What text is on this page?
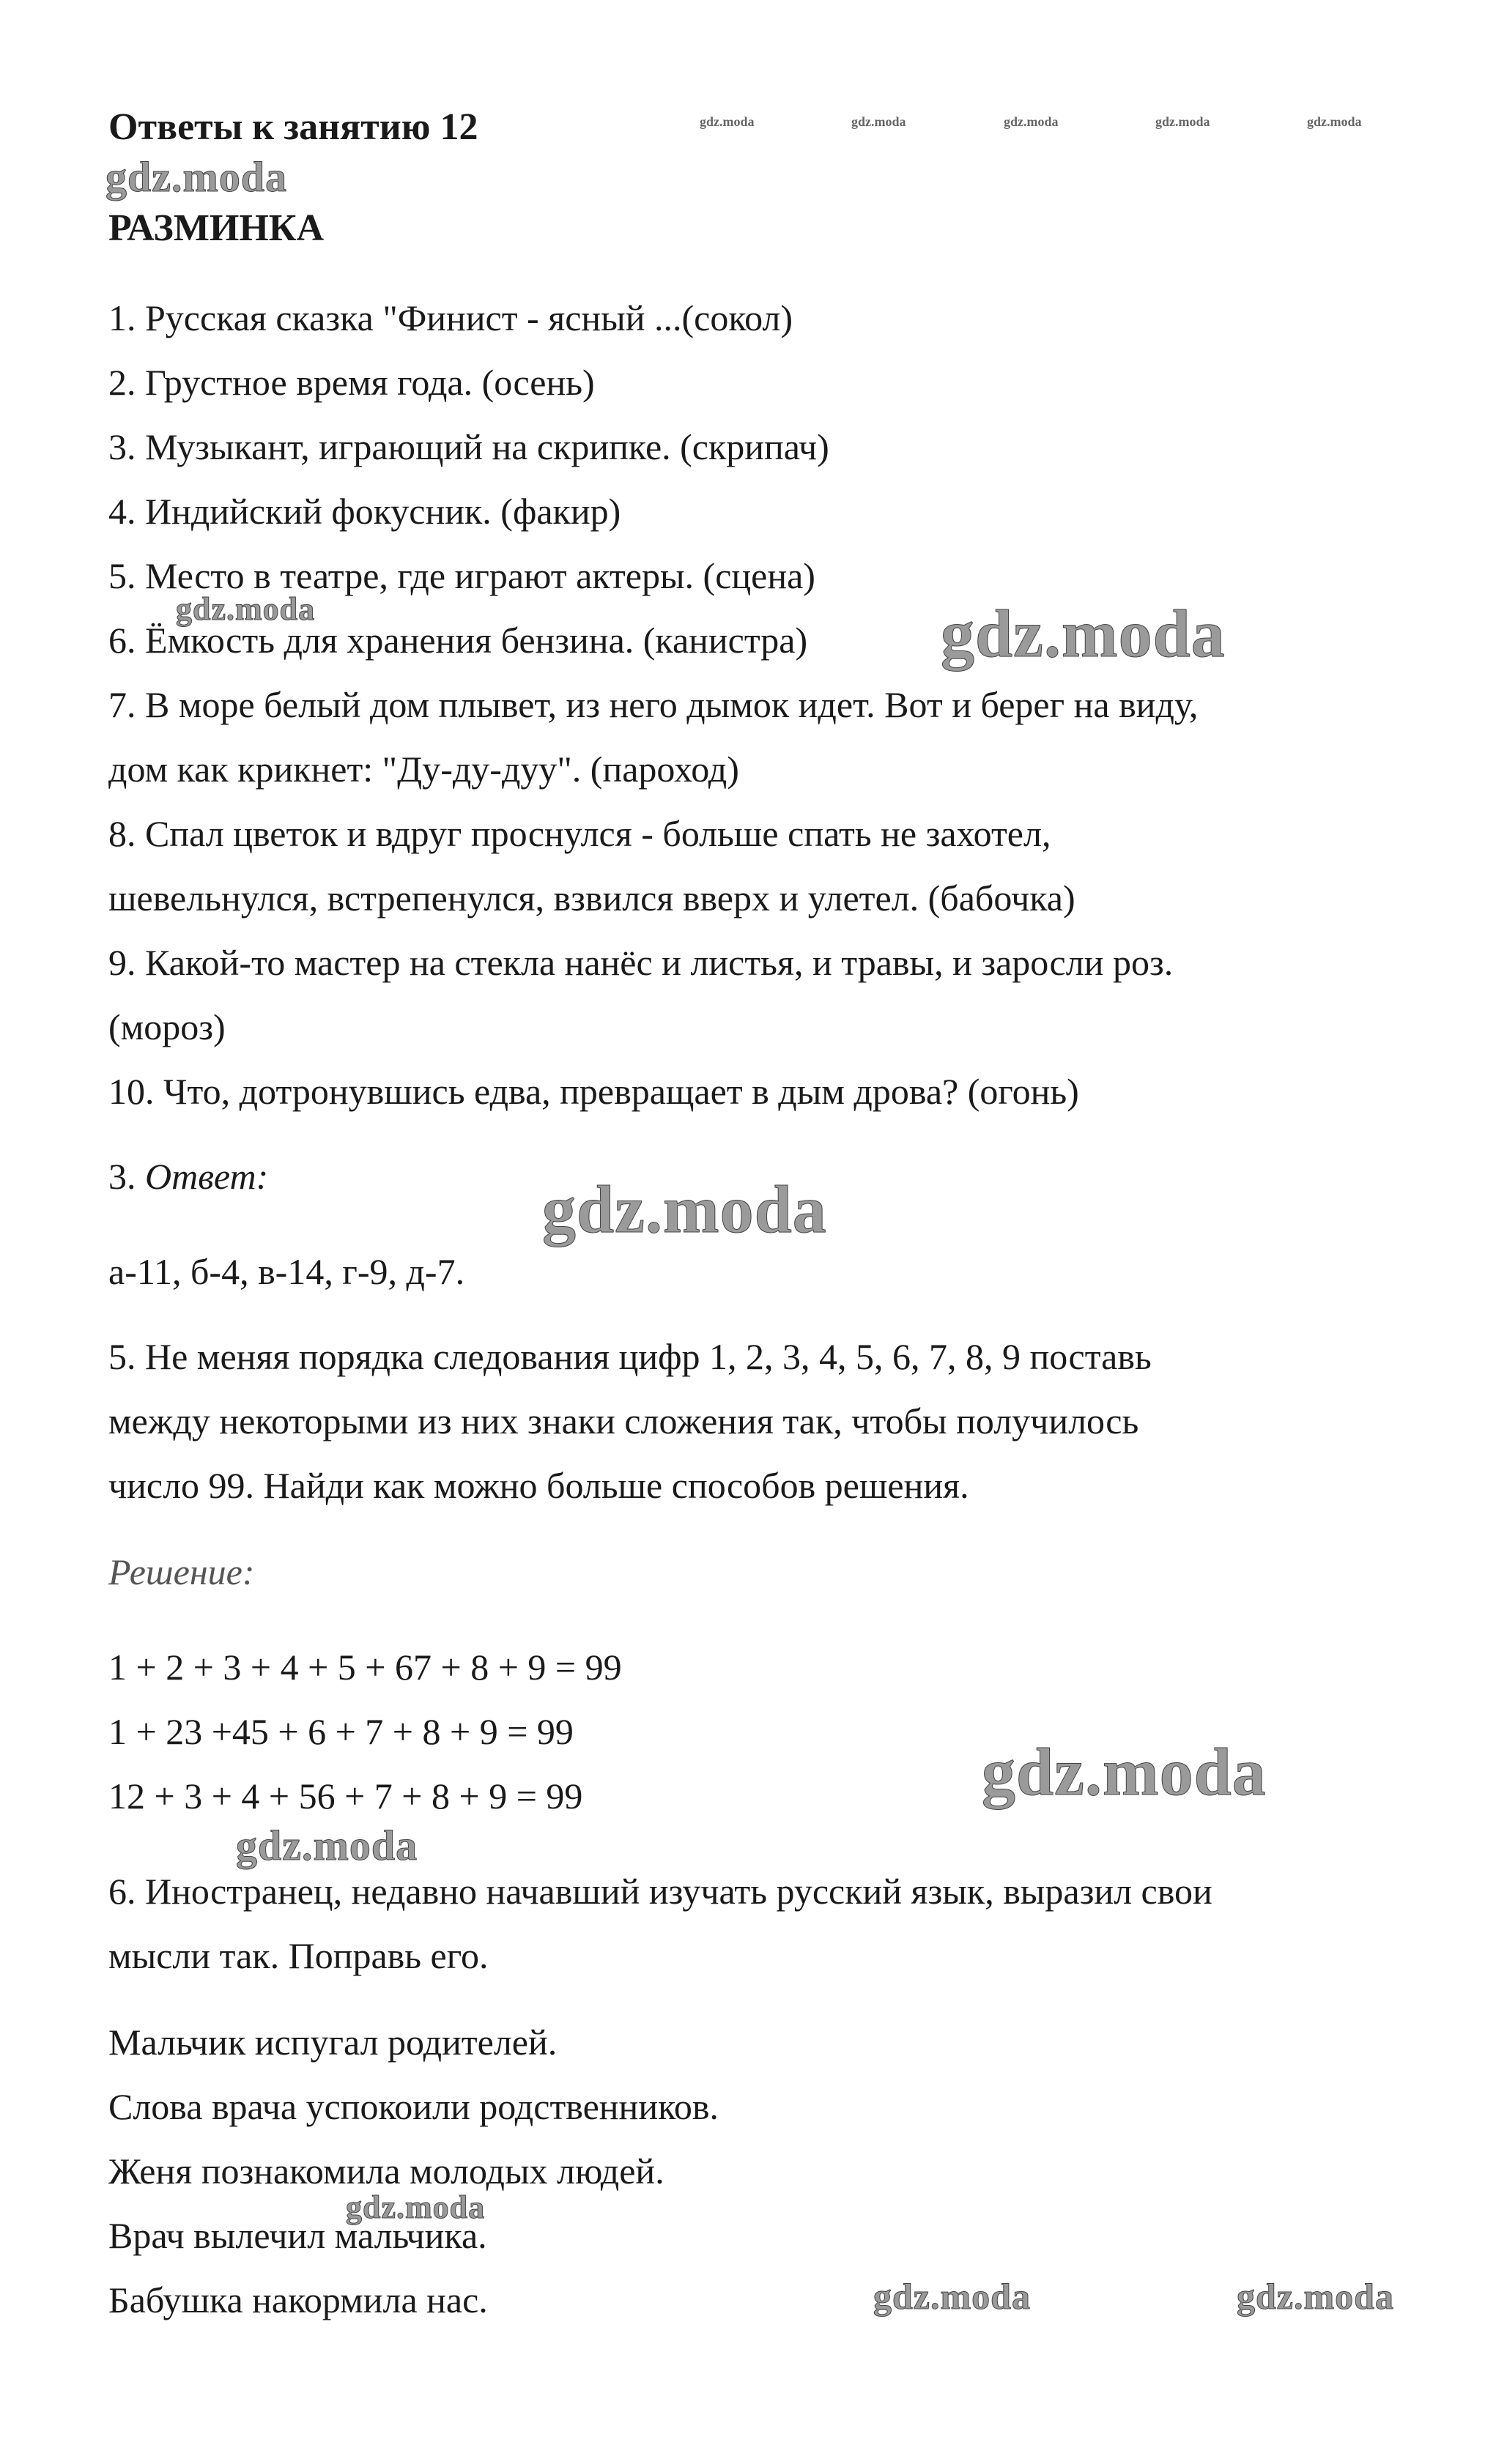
gdz.moda	gdz.moda	gdz.moda	gdz.moda	gdz.moda
gdz.moda
gdz.moda	gdz.moda
gdz.moda
gdz.moda
gdz.moda
gdz.moda
gdz.moda	gdz.moda
Ответы к занятию 12
РАЗМИНКА
1. Русская сказка "Финист - ясный ...(сокол)
2. Грустное время года. (осень)
3. Музыкант, играющий на скрипке. (скрипач)
4. Индийский фокусник. (факир)
5. Место в театре, где играют актеры. (сцена)
6. Ёмкость для хранения бензина. (канистра)
7. В море белый дом плывет, из него дымок идет. Вот и берег на виду,
дом как крикнет: "Ду-ду-дуу". (пароход)
8. Спал цветок и вдруг проснулся - больше спать не захотел,
шевельнулся, встрепенулся, взвился вверх и улетел. (бабочка)
9. Какой-то мастер на стекла нанёс и листья, и травы, и заросли роз.
(мороз)
10. Что, дотронувшись едва, превращает в дым дрова? (огонь)
3. Ответ:
а-11, б-4, в-14, г-9, д-7.
5. Не меняя порядка следования цифр 1, 2, 3, 4, 5, 6, 7, 8, 9 поставь
между некоторыми из них знаки сложения так, чтобы получилось
число 99. Найди как можно больше способов решения.
Решение:
1 + 2 + 3 + 4 + 5 + 67 + 8 + 9 = 99
1 + 23 +45 + 6 + 7 + 8 + 9 = 99
12 + 3 + 4 + 56 + 7 + 8 + 9 = 99
6. Иностранец, недавно начавший изучать русский язык, выразил свои
мысли так. Поправь его.
Мальчик испугал родителей.
Слова врача успокоили родственников.
Женя познакомила молодых людей.
Врач вылечил мальчика.
Бабушка накормила нас.
